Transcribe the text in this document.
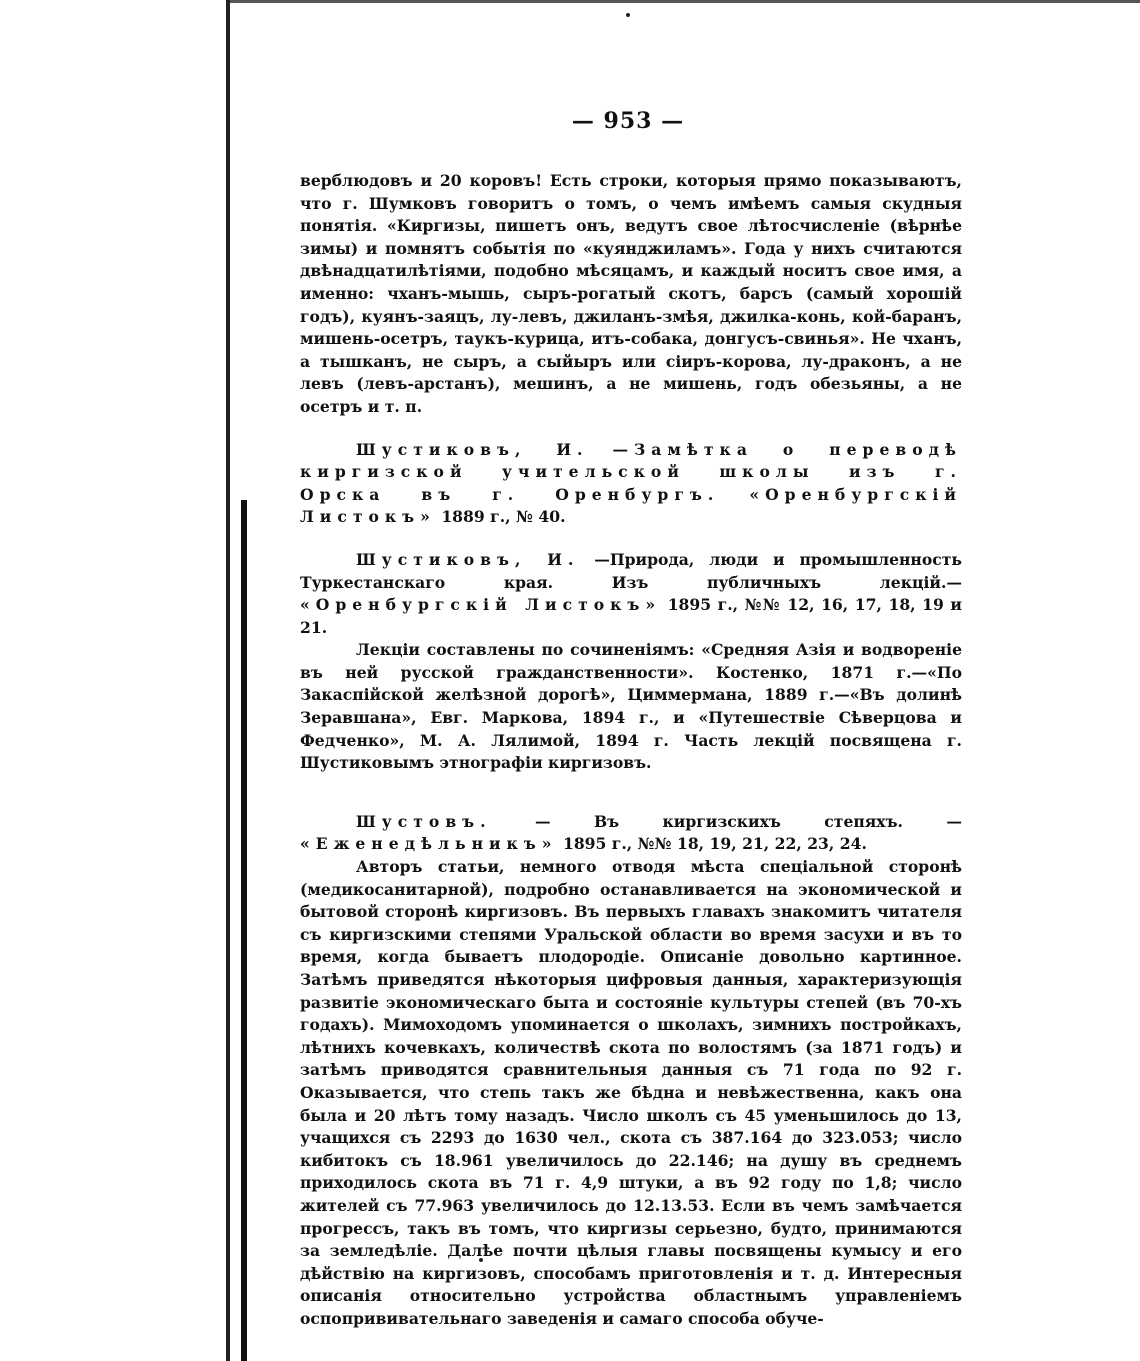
— 953 —

верблюдовъ и 20 коровъ! Есть строки, которыя прямо показываютъ, что г. Шумковъ говоритъ о томъ, о чемъ имѣемъ самыя скудныя понятія. «Киргизы, пишетъ онъ, ведутъ свое лѣтосчисленіе (вѣрнѣе зимы) и помнятъ событія по «куянджиламъ». Года у нихъ считаются двѣнадцатилѣтіями, подобно мѣсяцамъ, и каждый носитъ свое имя, а именно: чханъ-мышь, сыръ-рогатый скотъ, барсъ (самый хорошій годъ), куянъ-заяцъ, лу-левъ, джиланъ-змѣя, джилка-конь, кой-баранъ, мишень-осетръ, таукъ-курица, итъ-собака, донгусъ-свинья». Не чханъ, а тышканъ, не сыръ, а сыйыръ или сіиръ-корова, лу-драконъ, а не левъ (левъ-арстанъ), мешинъ, а не мишень, годъ обезьяны, а не осетръ и т. п.

Шустиковъ, И. —Замѣтка о переводѣ киргизской учительской школы изъ г. Орска въ г. Оренбургъ. «Оренбургскій Листокъ» 1889 г., № 40.

Шустиковъ, И. —Природа, люди и промышленность Туркестанскаго края. Изъ публичныхъ лекцій.— «Оренбургскій Листокъ» 1895 г., №№ 12, 16, 17, 18, 19 и 21.

Лекціи составлены по сочиненіямъ: «Средняя Азія и водвореніе въ ней русской гражданственности». Костенко, 1871 г.—«По Закаспійской желѣзной дорогѣ», Циммермана, 1889 г.—«Въ долинѣ Зеравшана», Евг. Маркова, 1894 г., и «Путешествіе Сѣверцова и Федченко», М. А. Лялимой, 1894 г. Часть лекцій посвящена г. Шустиковымъ этнографіи киргизовъ.

Шустовъ.	— Въ киргизскихъ степяхъ. — «Еженедѣльникъ» 1895 г., №№ 18, 19, 21, 22, 23, 24.

Авторъ статьи, немного отводя мѣста спеціальной сторонѣ (медикосанитарной), подробно останавливается на экономической и бытовой сторонѣ киргизовъ. Въ первыхъ главахъ знакомитъ читателя съ киргизскими степями Уральской области во время засухи и въ то время, когда бываетъ плодородіе. Описаніе довольно картинное. Затѣмъ приведятся нѣкоторыя цифровыя данныя, характеризующія развитіе экономическаго быта и состояніе культуры степей (въ 70-хъ годахъ). Мимоходомъ упоминается о школахъ, зимнихъ постройкахъ, лѣтнихъ кочевкахъ, количествѣ скота по волостямъ (за 1871 годъ) и затѣмъ приводятся сравнительныя данныя съ 71 года по 92 г. Оказывается, что степь такъ же бѣдна и невѣжественна, какъ она была и 20 лѣтъ тому назадъ. Число школъ съ 45 уменьшилось до 13, учащихся съ 2293 до 1630 чел., скота съ 387.164 до 323.053; число кибитокъ съ 18.961 увеличилось до 22.146; на душу въ среднемъ приходилось скота въ 71 г. 4,9 штуки, а въ 92 году по 1,8; число жителей съ 77.963 увеличилось до 12.13.53. Если въ чемъ замѣчается прогрессъ, такъ въ томъ, что киргизы серьезно, будто, принимаются за земледѣліе. Далѣе почти цѣлыя главы посвящены кумысу и его дѣйствію на киргизовъ, способамъ приготовленія и т. д. Интересныя описанія относительно устройства областнымъ управленіемъ оспопрививательнаго заведенія и самаго способа обуче-
